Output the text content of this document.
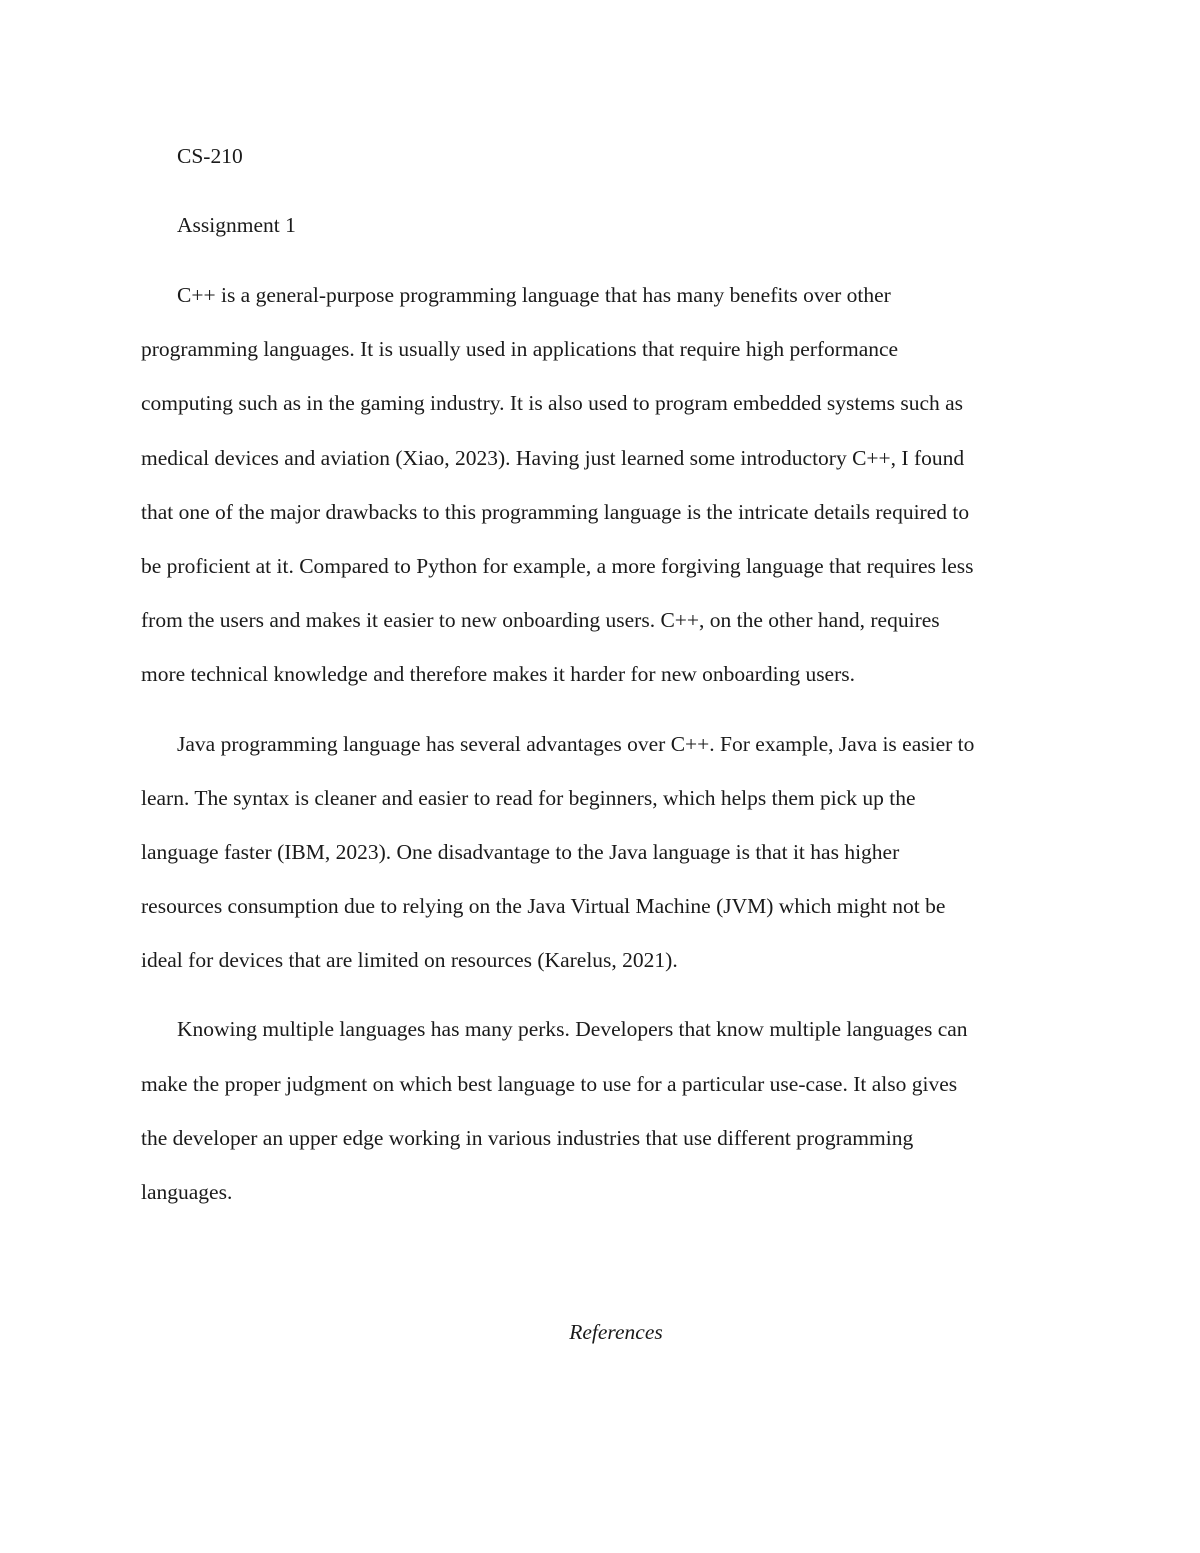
CS-210
Assignment 1

C++ is a general-purpose programming language that has many benefits over other
programming languages. It is usually used in applications that require high performance
computing such as in the gaming industry. It is also used to program embedded systems such as
medical devices and aviation (Xiao, 2023). Having just learned some introductory C++, I found
that one of the major drawbacks to this programming language is the intricate details required to
be proficient at it. Compared to Python for example, a more forgiving language that requires less
from the users and makes it easier to new onboarding users. C++, on the other hand, requires
more technical knowledge and therefore makes it harder for new onboarding users.

Java programming language has several advantages over C++. For example, Java is easier to
learn. The syntax is cleaner and easier to read for beginners, which helps them pick up the
language faster (IBM, 2023). One disadvantage to the Java language is that it has higher
resources consumption due to relying on the Java Virtual Machine (JVM) which might not be
ideal for devices that are limited on resources (Karelus, 2021).

Knowing multiple languages has many perks. Developers that know multiple languages can
make the proper judgment on which best language to use for a particular use-case. It also gives
the developer an upper edge working in various industries that use different programming
languages.

References
